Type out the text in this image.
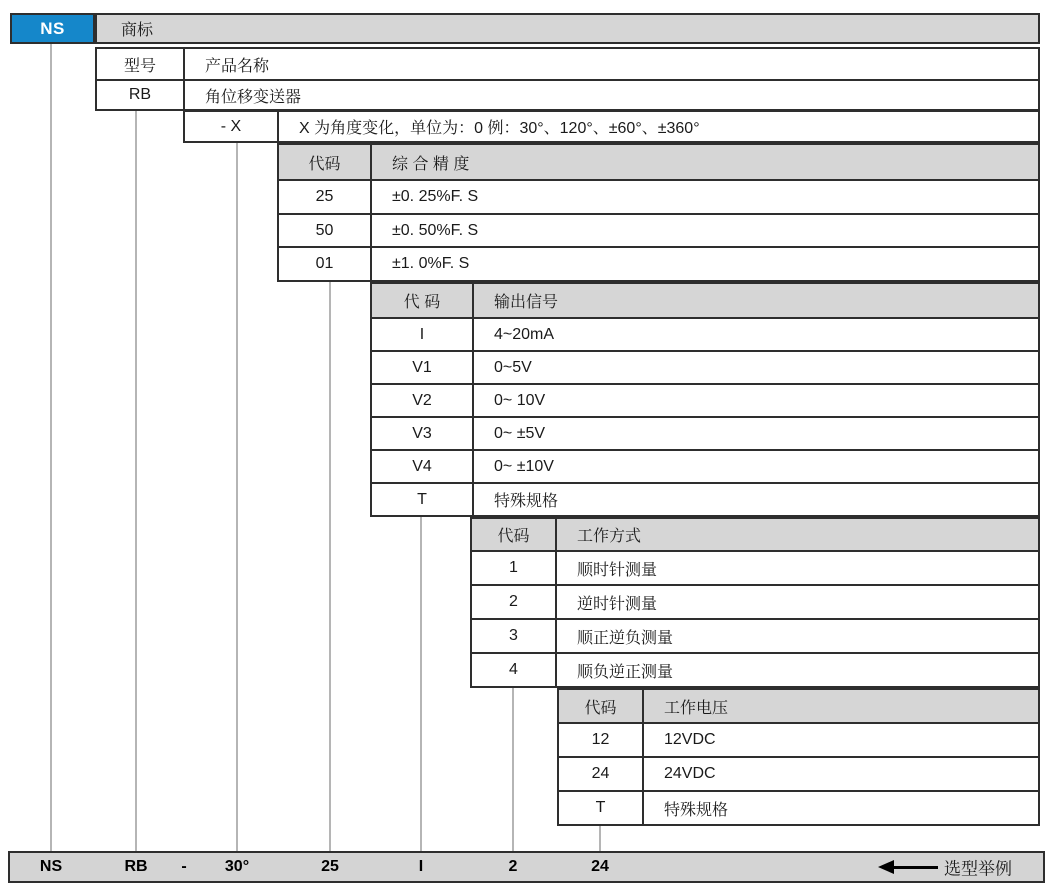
NS	商标
型号	产品名称
RB	角位移变送器
- X	X 为角度变化，单位为：0 例：30°、120°、±60°、±360°
代码	综 合 精 度
25	±0. 25%F. S
50	±0. 50%F. S
01	±1. 0%F. S
代 码	输出信号
I	4~20mA
V1	0~5V
V2	0~ 10V
V3	0~ ±5V
V4	0~ ±10V
T	特殊规格
代码	工作方式
1	顺时针测量
2	逆时针测量
3	顺正逆负测量
4	顺负逆正测量
代码	工作电压
12	12VDC
24	24VDC
T	特殊规格
NS	RB - 30°	25	I	2	24	选型举例
